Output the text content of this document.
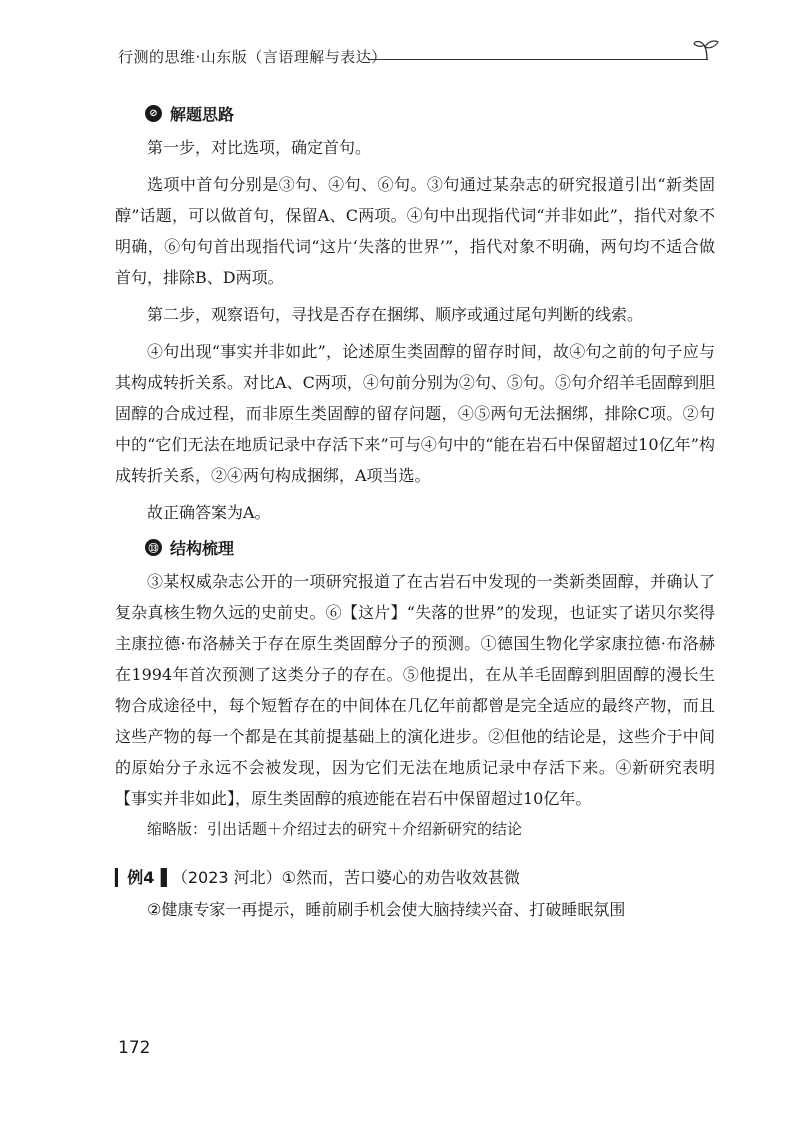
行测的思维·山东版（言语理解与表达）
⊘ 解题思路

第一步，对比选项，确定首句。

选项中首句分别是③句、④句、⑥句。③句通过某杂志的研究报道引出“新类固醇”话题，可以做首句，保留A、C两项。④句中出现指代词“并非如此”，指代对象不明确，⑥句句首出现指代词“这片‘失落的世界’”，指代对象不明确，两句均不适合做首句，排除B、D两项。

第二步，观察语句，寻找是否存在捆绑、顺序或通过尾句判断的线索。

④句出现“事实并非如此”，论述原生类固醇的留存时间，故④句之前的句子应与其构成转折关系。对比A、C两项，④句前分别为②句、⑤句。⑤句介绍羊毛固醇到胆固醇的合成过程，而非原生类固醇的留存问题，④⑤两句无法捆绑，排除C项。②句中的“它们无法在地质记录中存活下来”可与④句中的“能在岩石中保留超过10亿年”构成转折关系，②④两句构成捆绑，A项当选。

故正确答案为A。

⑬ 结构梳理

③某权威杂志公开的一项研究报道了在古岩石中发现的一类新类固醇，并确认了复杂真核生物久远的史前史。⑥【这片】“失落的世界”的发现，也证实了诺贝尔奖得主康拉德·布洛赫关于存在原生类固醇分子的预测。①德国生物化学家康拉德·布洛赫在1994年首次预测了这类分子的存在。⑤他提出，在从羊毛固醇到胆固醇的漫长生物合成途径中，每个短暂存在的中间体在几亿年前都曾是完全适应的最终产物，而且这些产物的每一个都是在其前提基础上的演化进步。②但他的结论是，这些介于中间的原始分子永远不会被发现，因为它们无法在地质记录中存活下来。④新研究表明【事实并非如此】，原生类固醇的痕迹能在岩石中保留超过10亿年。

缩略版：引出话题＋介绍过去的研究＋介绍新研究的结论

▎例4▐ （2023 河北）①然而，苦口婆心的劝告收效甚微
②健康专家一再提示，睡前刷手机会使大脑持续兴奋、打破睡眠氛围
172
